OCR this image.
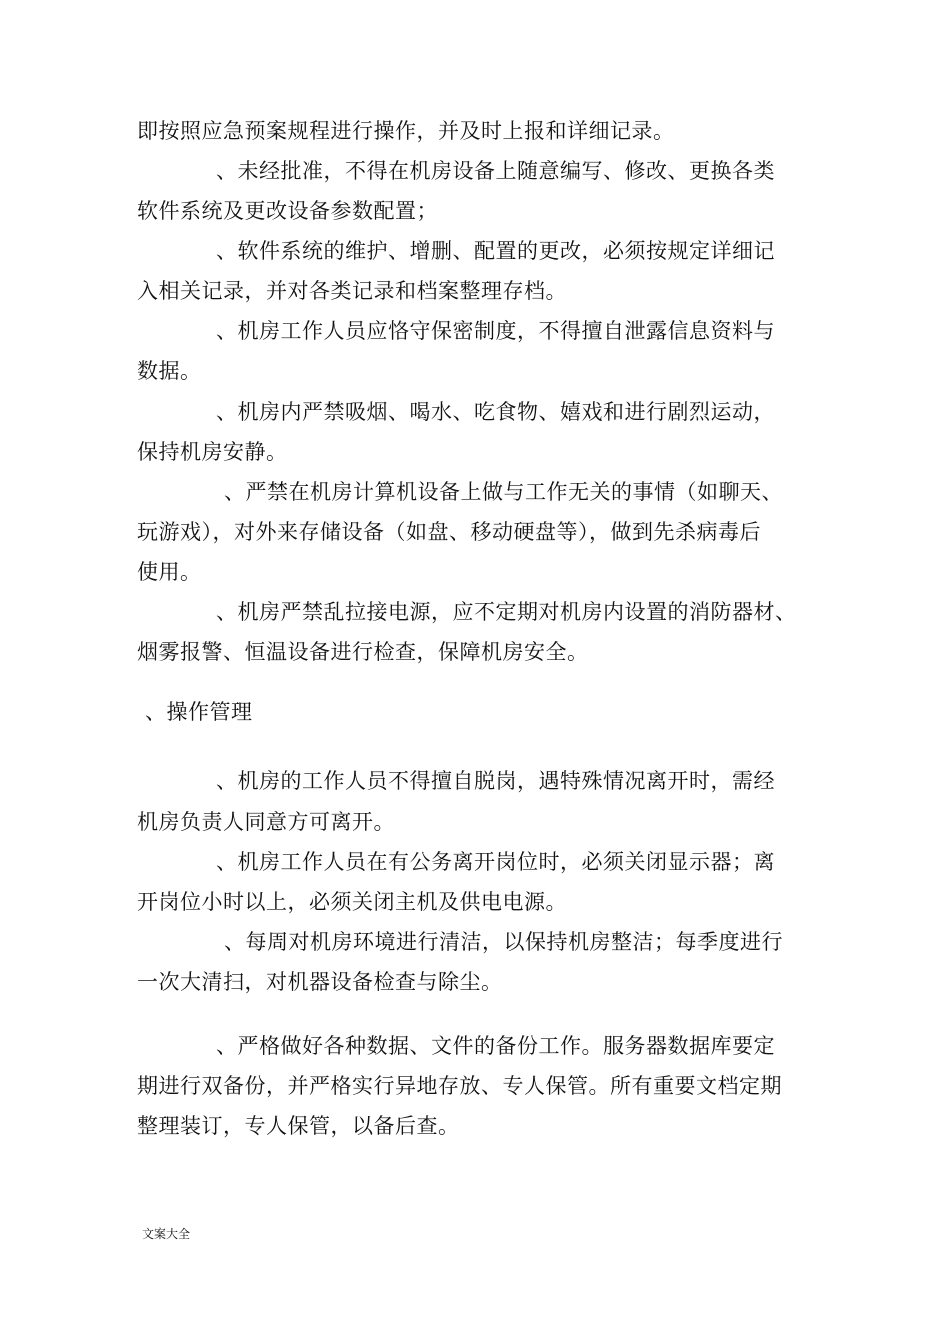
即按照应急预案规程进行操作，并及时上报和详细记录。
、未经批准，不得在机房设备上随意编写、修改、更换各类
软件系统及更改设备参数配置；
、软件系统的维护、增删、配置的更改，必须按规定详细记
入相关记录，并对各类记录和档案整理存档。
、机房工作人员应恪守保密制度，不得擅自泄露信息资料与
数据。
、机房内严禁吸烟、喝水、吃食物、嬉戏和进行剧烈运动，
保持机房安静。
、严禁在机房计算机设备上做与工作无关的事情（如聊天、
玩游戏），对外来存储设备（如盘、移动硬盘等），做到先杀病毒后
使用。
、机房严禁乱拉接电源，应不定期对机房内设置的消防器材、
烟雾报警、恒温设备进行检查，保障机房安全。
、操作管理
、机房的工作人员不得擅自脱岗，遇特殊情况离开时，需经
机房负责人同意方可离开。
、机房工作人员在有公务离开岗位时，必须关闭显示器；离
开岗位小时以上，必须关闭主机及供电电源。
、每周对机房环境进行清洁，以保持机房整洁；每季度进行
一次大清扫，对机器设备检查与除尘。
、严格做好各种数据、文件的备份工作。服务器数据库要定
期进行双备份，并严格实行异地存放、专人保管。所有重要文档定期
整理装订，专人保管，以备后查。
文案大全
